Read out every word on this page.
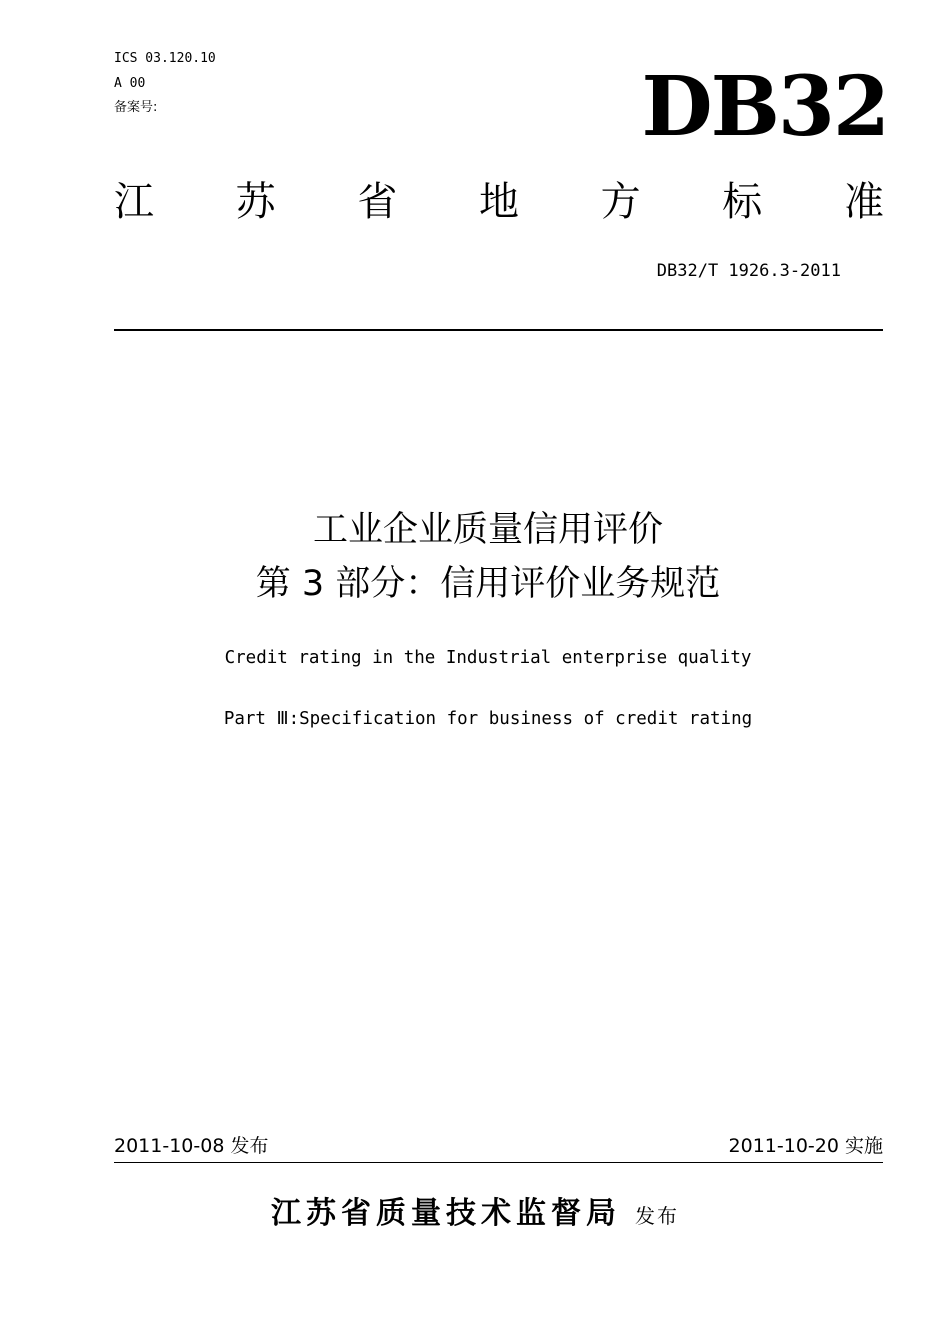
ICS 03.120.10
A 00
备案号:	DB32
江 苏 省 地 方 标 准
DB32/T 1926.3-2011
工业企业质量信用评价
第 3 部分：信用评价业务规范
Credit rating in the Industrial enterprise quality
Part Ⅲ:Specification for business of credit rating
2011-10-08 发布	2011-10-20 实施
江苏省质量技术监督局 发布
